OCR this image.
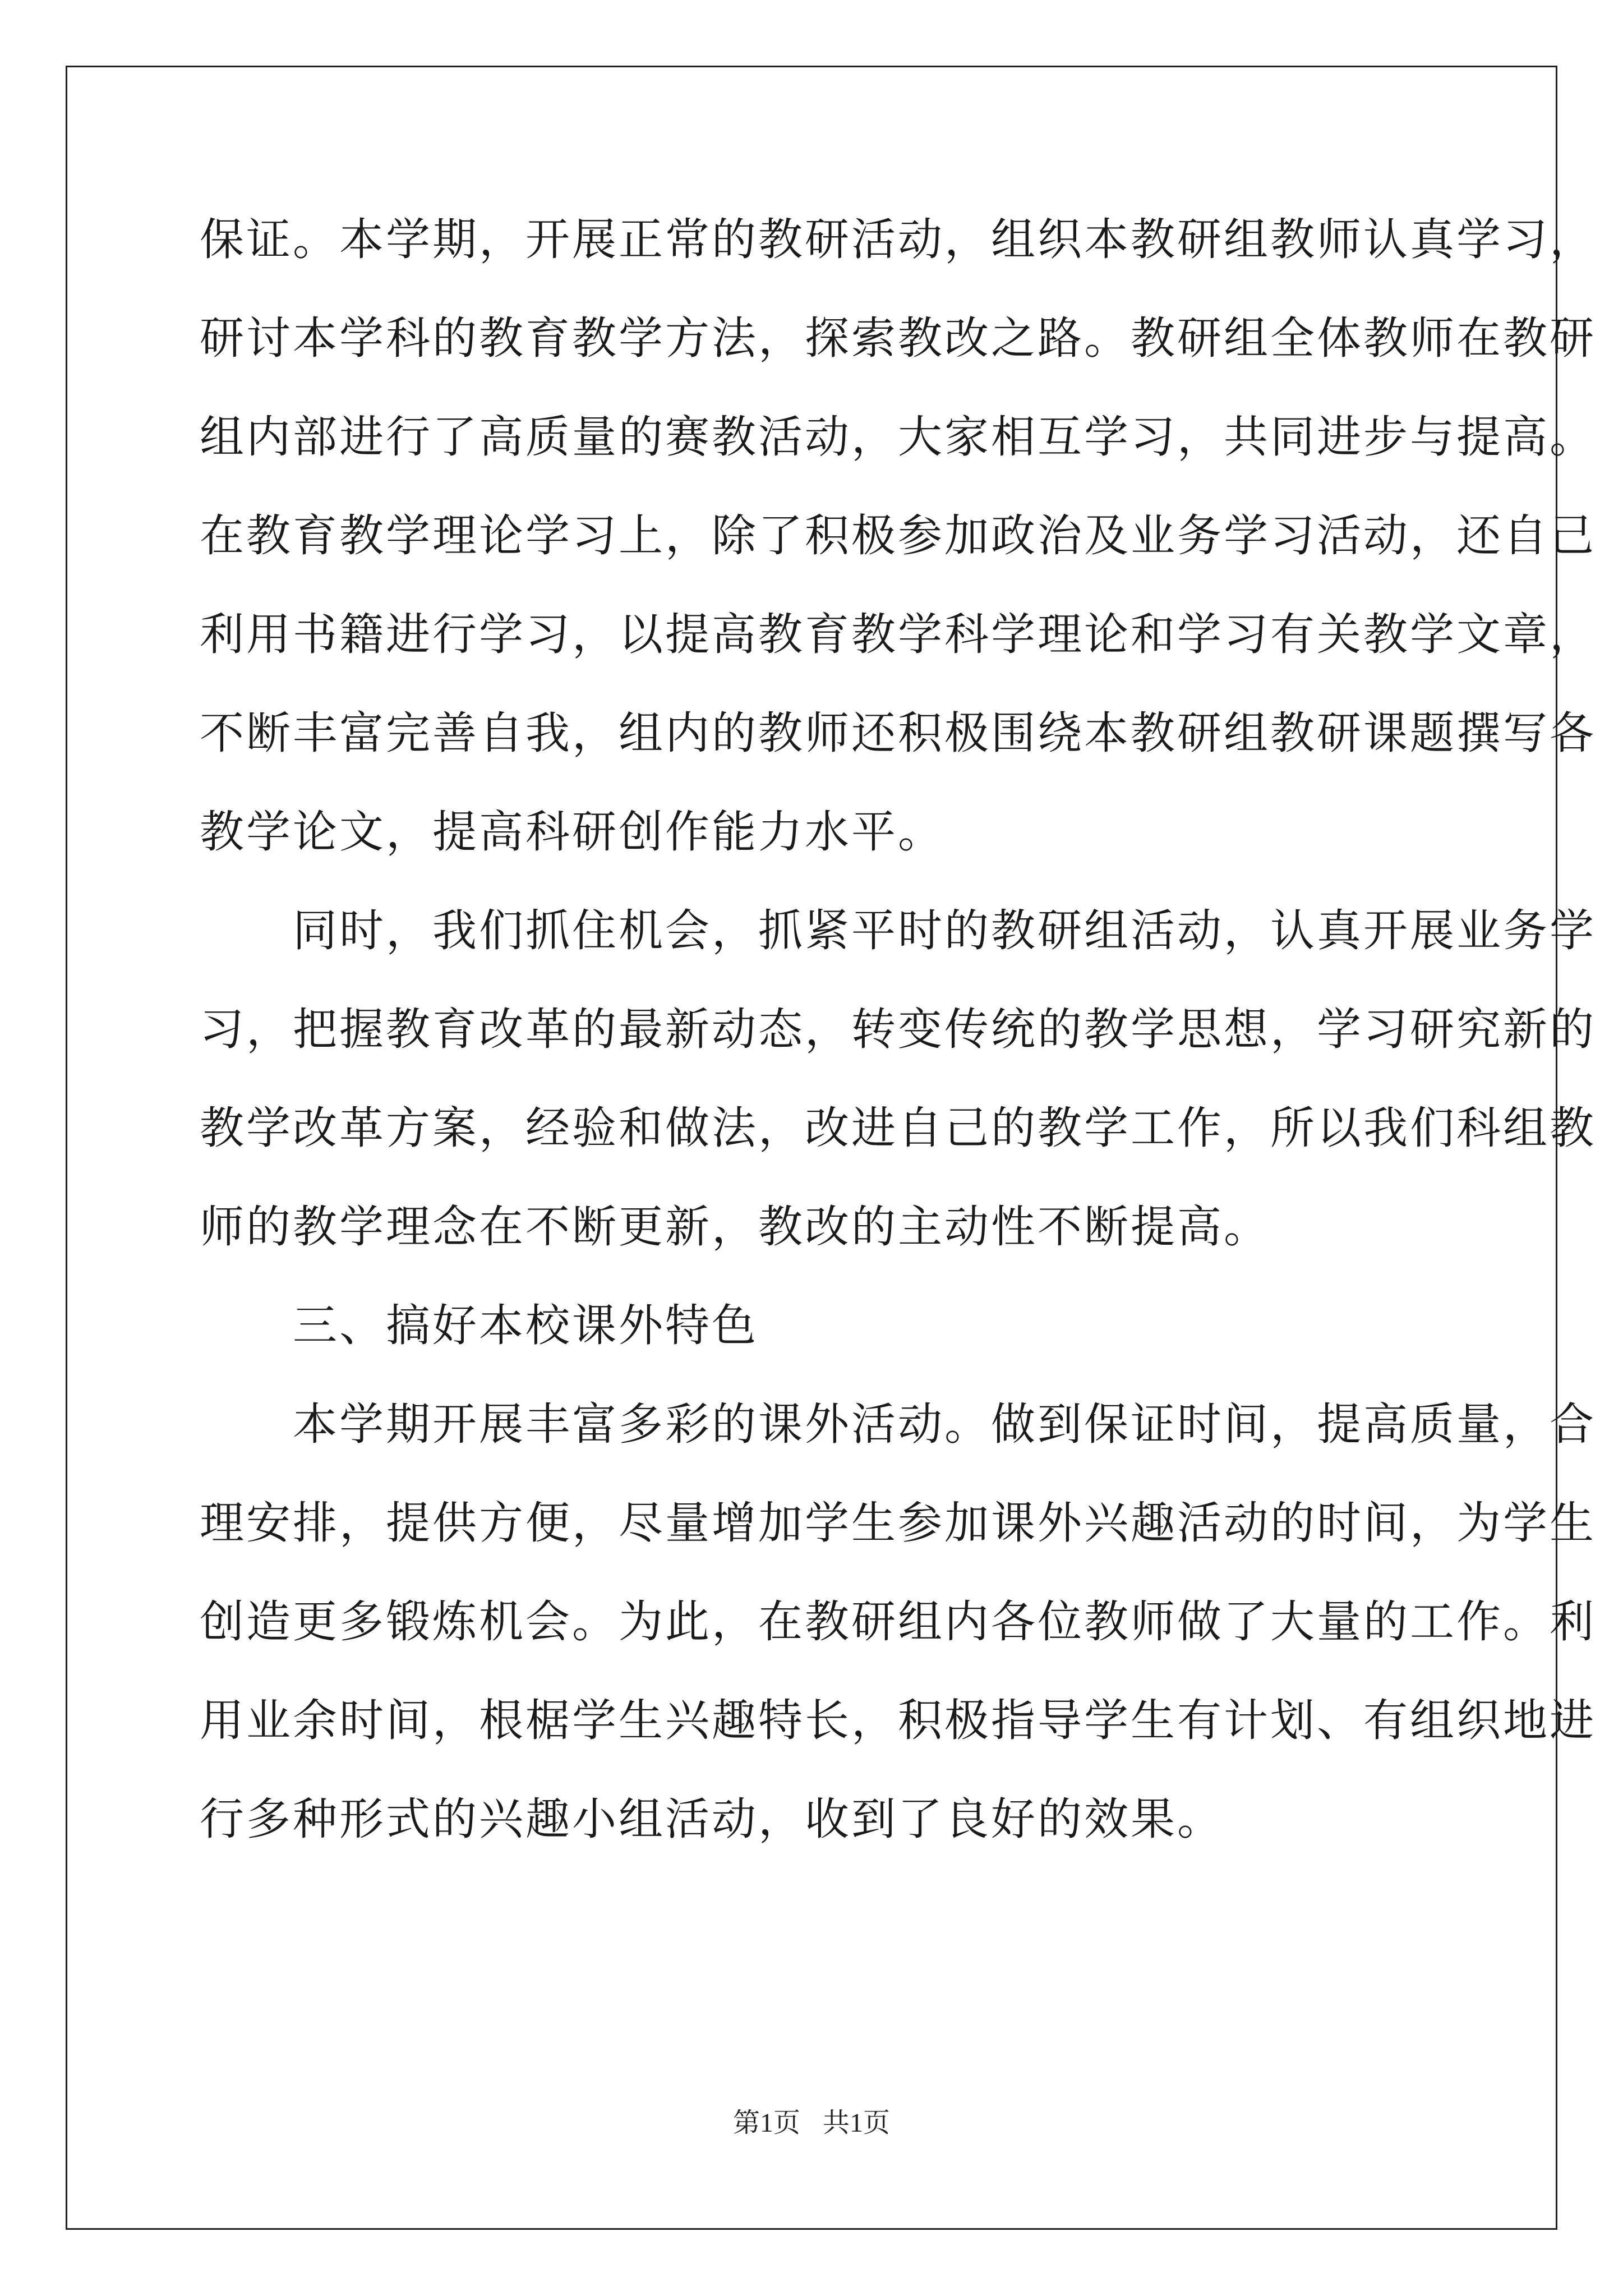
保证。本学期，开展正常的教研活动，组织本教研组教师认真学习，
研讨本学科的教育教学方法，探索教改之路。教研组全体教师在教研
组内部进行了高质量的赛教活动，大家相互学习，共同进步与提高。
在教育教学理论学习上，除了积极参加政治及业务学习活动，还自己
利用书籍进行学习，以提高教育教学科学理论和学习有关教学文章，
不断丰富完善自我，组内的教师还积极围绕本教研组教研课题撰写各
教学论文，提高科研创作能力水平。
　　同时，我们抓住机会，抓紧平时的教研组活动，认真开展业务学
习，把握教育改革的最新动态，转变传统的教学思想，学习研究新的
教学改革方案，经验和做法，改进自己的教学工作，所以我们科组教
师的教学理念在不断更新，教改的主动性不断提高。
　　三、搞好本校课外特色
　　本学期开展丰富多彩的课外活动。做到保证时间，提高质量，合
理安排，提供方便，尽量增加学生参加课外兴趣活动的时间，为学生
创造更多锻炼机会。为此，在教研组内各位教师做了大量的工作。利
用业余时间，根椐学生兴趣特长，积极指导学生有计划、有组织地进
行多种形式的兴趣小组活动，收到了良好的效果。
第1页 共1页
